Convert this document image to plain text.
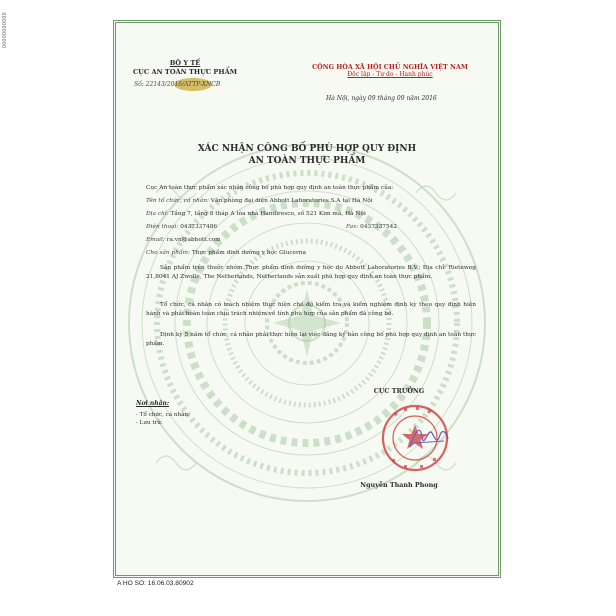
00000000000
BỘ Y TẾ
CỤC AN TOÀN THỰC PHẨM
Số: 22143/2016/ATTP-XNCB
CỘNG HÒA XÃ HỘI CHỦ NGHĨA VIỆT NAM
Độc lập - Tự do - Hạnh phúc
Hà Nội, ngày 09 tháng 09 năm 2016
XÁC NHẬN CÔNG BỐ PHÙ HỢP QUY ĐỊNH
AN TOÀN THỰC PHẨM
Cục An toàn thực phẩm xác nhận công bố phù hợp quy định an toàn thực phẩm của:
Tên tổ chức, cá nhân: Văn phòng đại diện Abbott Laboratories S.A tại Hà Nội
Địa chỉ: Tầng 7, tầng 8 tháp A tòa nhà Handiresco, số 521 Kim mã, Hà Nội
Điện thoại: 0437337486	Fax: 0437337542
Email: ra.vn@abbott.com
Cho sản phẩm: Thực phẩm dinh dưỡng y học Glucerna
Sản phẩm trên thuộc nhóm Thực phẩm dinh dưỡng y học do Abbott Laboratories B.V.; Địa chỉ: Rieteweg 21,8041 AJ Zwolle, The Netherlands, Netherlands sản xuất phù hợp quy định an toàn thực phẩm.
Tổ chức, cá nhân có trách nhiệm thực hiện chế độ kiểm tra và kiểm nghiệm định kỳ theo quy định hiện hành và phải hoàn toàn chịu trách nhiệm về tính phù hợp của sản phẩm đã công bố.
Định kỳ 5 năm tổ chức, cá nhân phải thực hiện lại việc đăng ký bản công bố phù hợp quy định an toàn thực phẩm.
Nơi nhận:
- Tổ chức, cá nhân;
- Lưu trữ.
CỤC TRƯỞNG
Nguyễn Thanh Phong
A HO SO: 16.06.03.80902
